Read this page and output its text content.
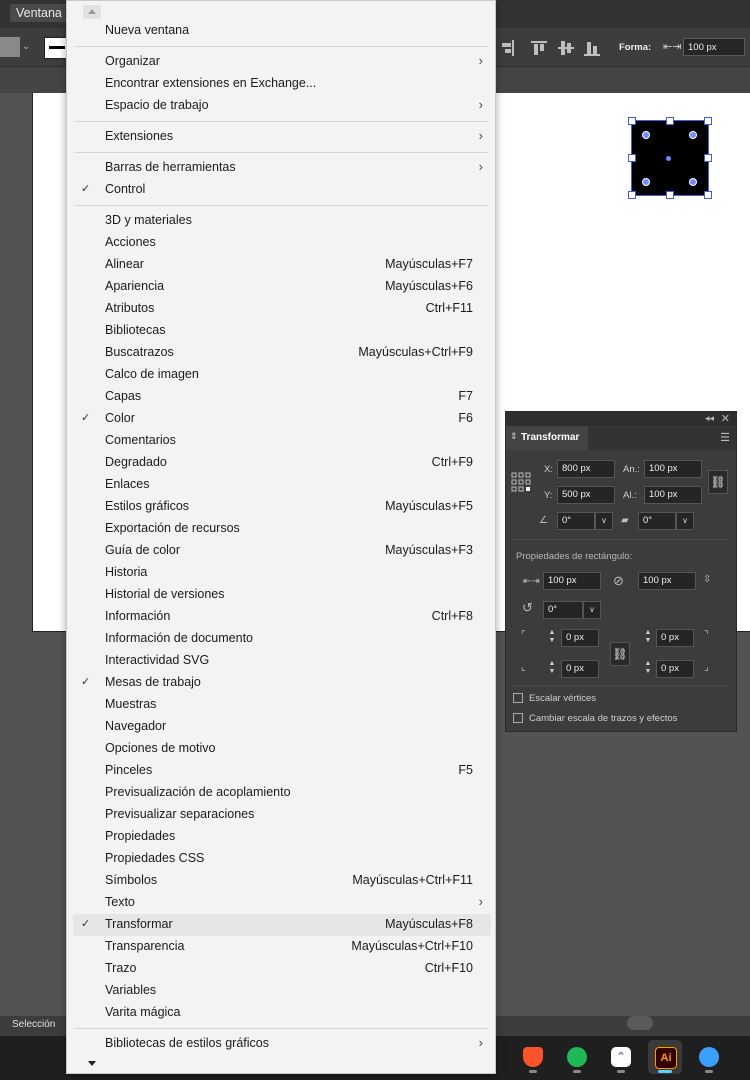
Ventana
⌄	Forma: ⇤⇥ 100 px
Selección
⌃	Ai
Nueva ventana
Organizar	›
Encontrar extensiones en Exchange...
Espacio de trabajo	›
Extensiones	›
Barras de herramientas	›
✓ Control
3D y materiales
Acciones
Alinear	Mayúsculas+F7
Apariencia	Mayúsculas+F6
Atributos	Ctrl+F11
Bibliotecas
Buscatrazos	Mayúsculas+Ctrl+F9
Calco de imagen
Capas	F7
✓ Color	F6
Comentarios
Degradado	Ctrl+F9
Enlaces
Estilos gráficos	Mayúsculas+F5
Exportación de recursos
Guía de color	Mayúsculas+F3
Historia
Historial de versiones
Información	Ctrl+F8
Información de documento
Interactividad SVG
✓ Mesas de trabajo
Muestras
Navegador
Opciones de motivo
Pinceles	F5
Previsualización de acoplamiento
Previsualizar separaciones
Propiedades
Propiedades CSS
Símbolos	Mayúsculas+Ctrl+F11
Texto	›
✓ Transformar	Mayúsculas+F8
Transparencia	Mayúsculas+Ctrl+F10
Trazo	Ctrl+F10
Variables
Varita mágica
Bibliotecas de estilos gráficos	›
◂◂ ✕
⇕ Transformar	☰
X: 800 px	An.: 100 px
Y:	500 px	Al.:	100 px
⛓
∠	0°	∨	▰	0°	∨
Propiedades de rectángulo:
⇤⇥ 100 px	⊘	100 px	⇳
↺	0°	∨
⌜	▲
▼	0 px	▲
▼	0 px	⌝
⛓
⌞	▲
▼	0 px	▲
▼	0 px	⌟
Escalar vértices
Cambiar escala de trazos y efectos
